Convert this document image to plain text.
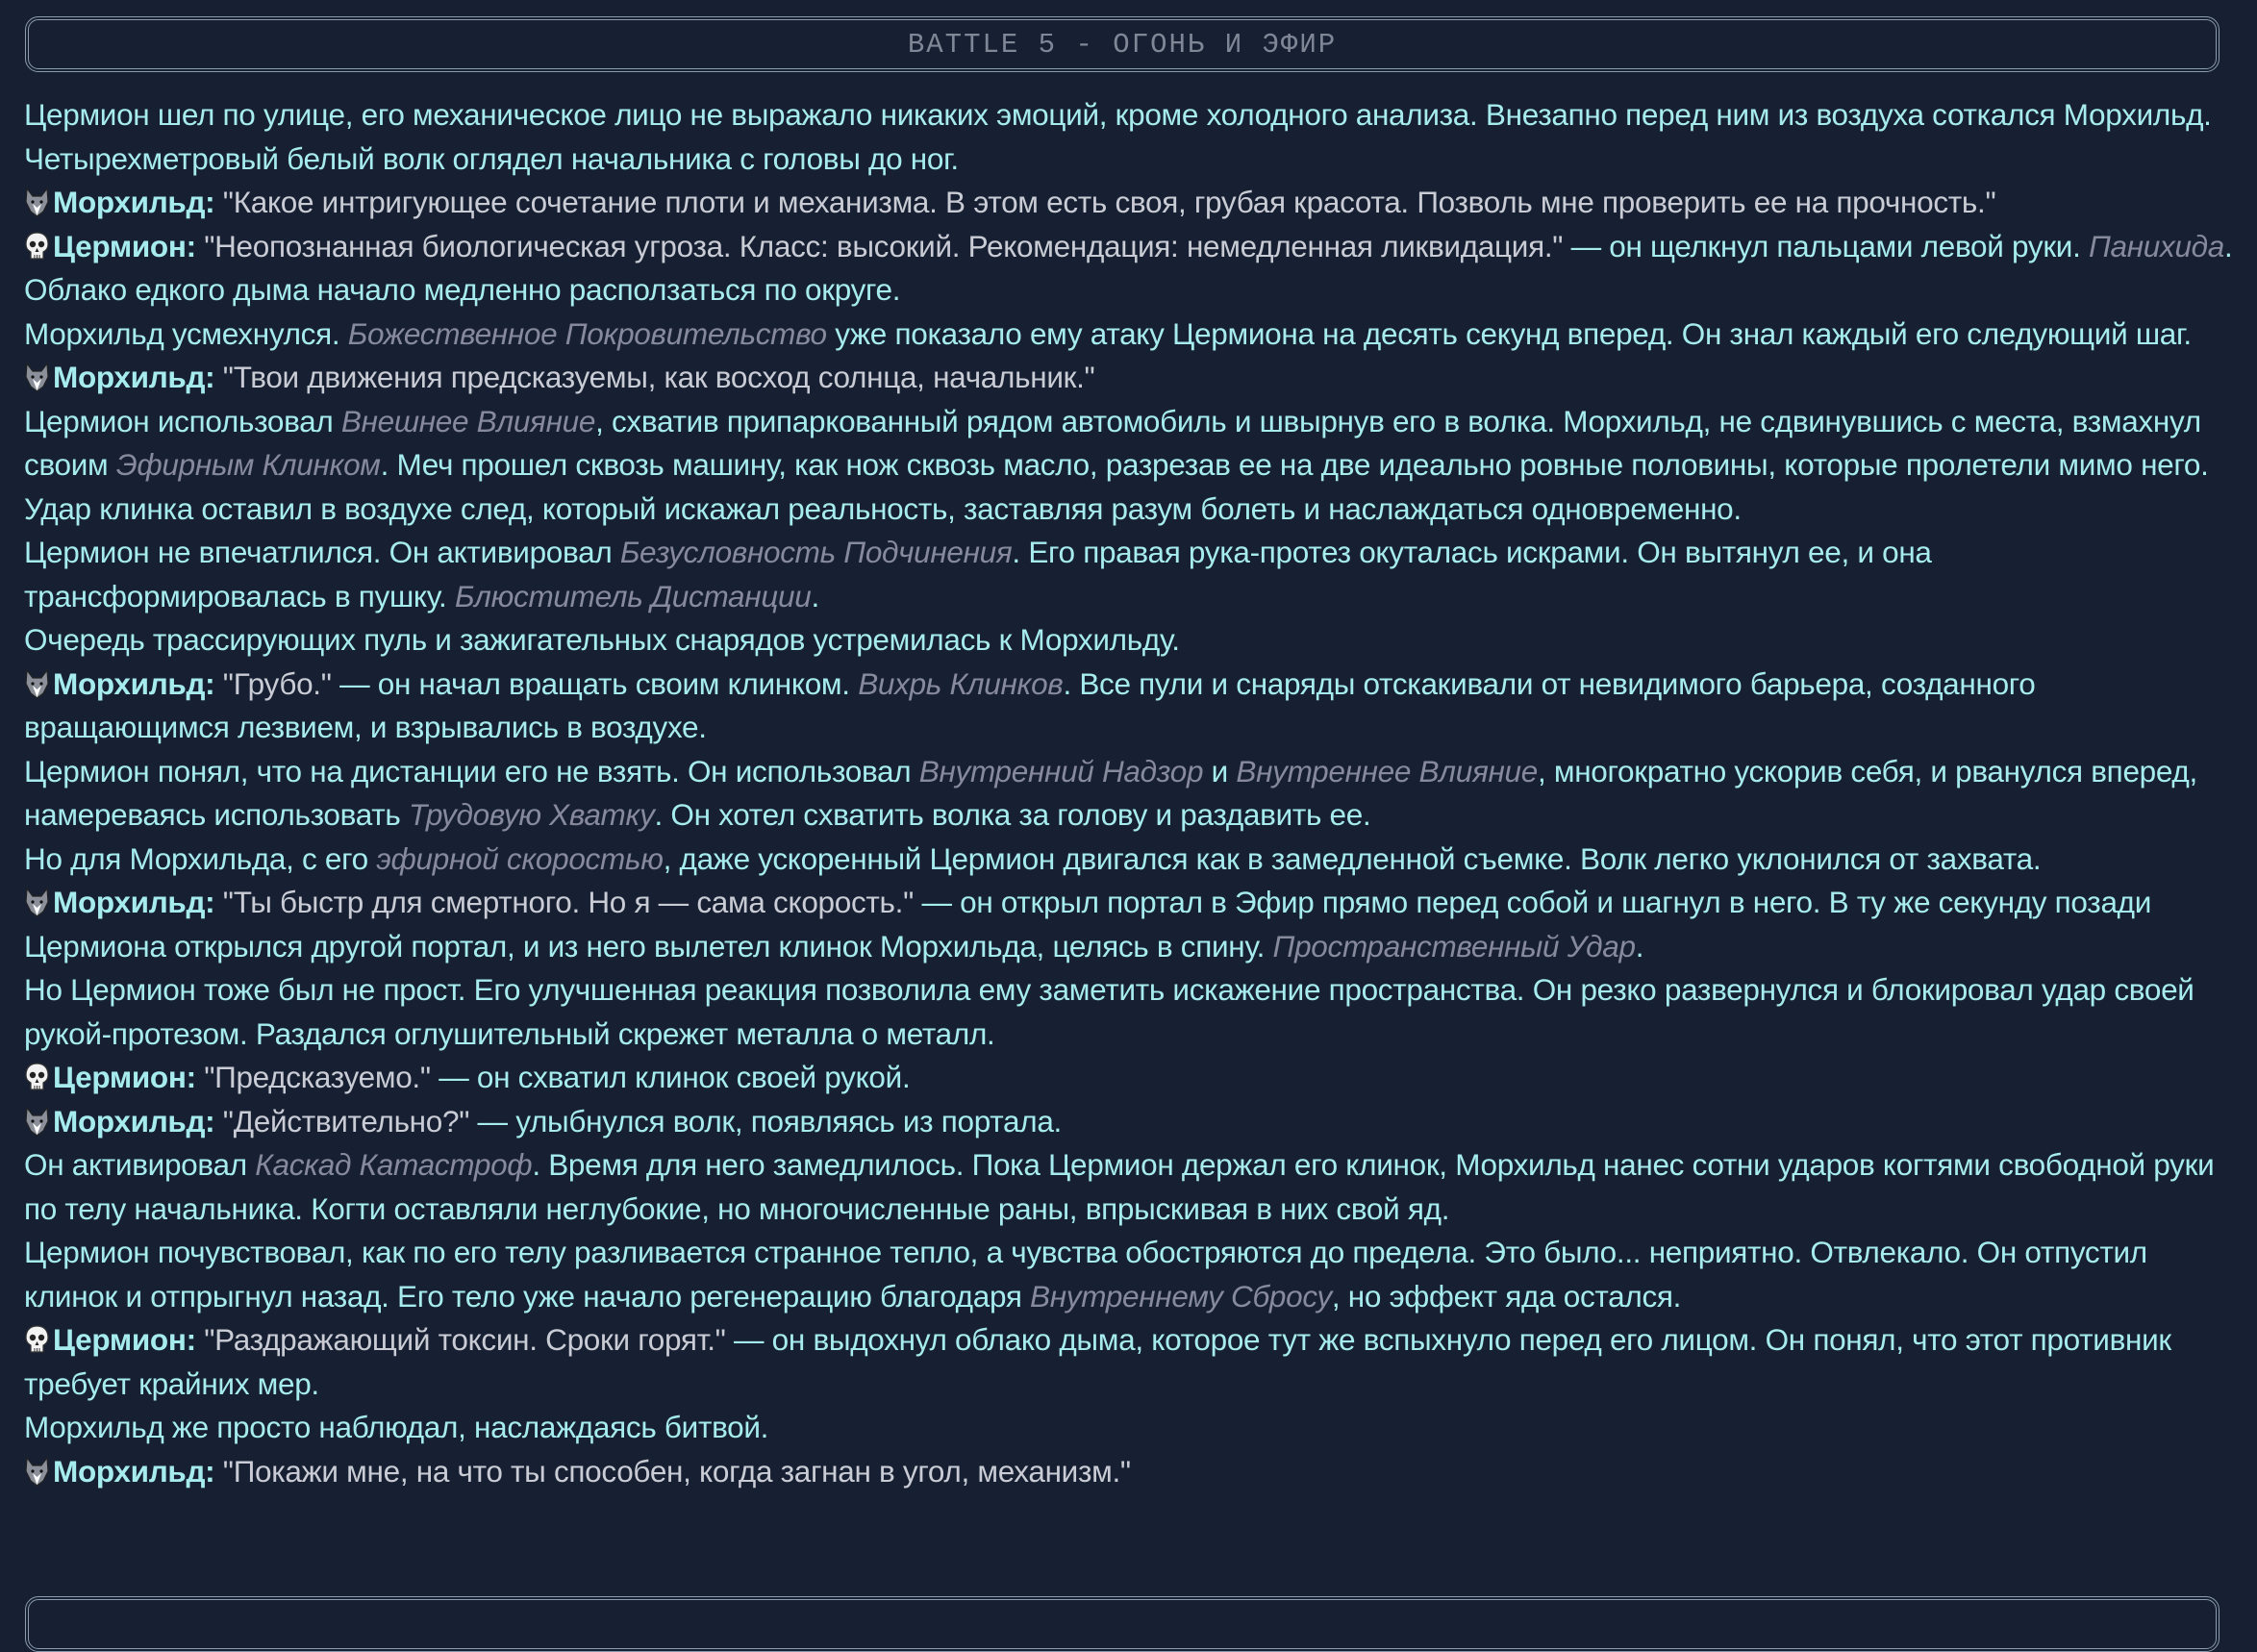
BATTLE 5 - ОГОНЬ И ЭФИР
Цермион шел по улице, его механическое лицо не выражало никаких эмоций, кроме холодного анализа. Внезапно перед ним из воздуха соткался Морхильд. Четырехметровый белый волк оглядел начальника с головы до ног.
Морхильд: "Какое интригующее сочетание плоти и механизма. В этом есть своя, грубая красота. Позволь мне проверить ее на прочность."
Цермион: "Неопознанная биологическая угроза. Класс: высокий. Рекомендация: немедленная ликвидация." — он щелкнул пальцами левой руки. Панихида. Облако едкого дыма начало медленно расползаться по округе.
Морхильд усмехнулся. Божественное Покровительство уже показало ему атаку Цермиона на десять секунд вперед. Он знал каждый его следующий шаг.
Морхильд: "Твои движения предсказуемы, как восход солнца, начальник."
Цермион использовал Внешнее Влияние, схватив припаркованный рядом автомобиль и швырнув его в волка. Морхильд, не сдвинувшись с места, взмахнул своим Эфирным Клинком. Меч прошел сквозь машину, как нож сквозь масло, разрезав ее на две идеально ровные половины, которые пролетели мимо него. Удар клинка оставил в воздухе след, который искажал реальность, заставляя разум болеть и наслаждаться одновременно.
Цермион не впечатлился. Он активировал Безусловность Подчинения. Его правая рука-протез окуталась искрами. Он вытянул ее, и она трансформировалась в пушку. Блюститель Дистанции.
Очередь трассирующих пуль и зажигательных снарядов устремилась к Морхильду.
Морхильд: "Грубо." — он начал вращать своим клинком. Вихрь Клинков. Все пули и снаряды отскакивали от невидимого барьера, созданного вращающимся лезвием, и взрывались в воздухе.
Цермион понял, что на дистанции его не взять. Он использовал Внутренний Надзор и Внутреннее Влияние, многократно ускорив себя, и рванулся вперед, намереваясь использовать Трудовую Хватку. Он хотел схватить волка за голову и раздавить ее.
Но для Морхильда, с его эфирной скоростью, даже ускоренный Цермион двигался как в замедленной съемке. Волк легко уклонился от захвата.
Морхильд: "Ты быстр для смертного. Но я — сама скорость." — он открыл портал в Эфир прямо перед собой и шагнул в него. В ту же секунду позади Цермиона открылся другой портал, и из него вылетел клинок Морхильда, целясь в спину. Пространственный Удар.
Но Цермион тоже был не прост. Его улучшенная реакция позволила ему заметить искажение пространства. Он резко развернулся и блокировал удар своей рукой-протезом. Раздался оглушительный скрежет металла о металл.
Цермион: "Предсказуемо." — он схватил клинок своей рукой.
Морхильд: "Действительно?" — улыбнулся волк, появляясь из портала.
Он активировал Каскад Катастроф. Время для него замедлилось. Пока Цермион держал его клинок, Морхильд нанес сотни ударов когтями свободной руки по телу начальника. Когти оставляли неглубокие, но многочисленные раны, впрыскивая в них свой яд.
Цермион почувствовал, как по его телу разливается странное тепло, а чувства обостряются до предела. Это было... неприятно. Отвлекало. Он отпустил клинок и отпрыгнул назад. Его тело уже начало регенерацию благодаря Внутреннему Сбросу, но эффект яда остался.
Цермион: "Раздражающий токсин. Сроки горят." — он выдохнул облако дыма, которое тут же вспыхнуло перед его лицом. Он понял, что этот противник требует крайних мер.
Морхильд же просто наблюдал, наслаждаясь битвой.
Морхильд: "Покажи мне, на что ты способен, когда загнан в угол, механизм."
